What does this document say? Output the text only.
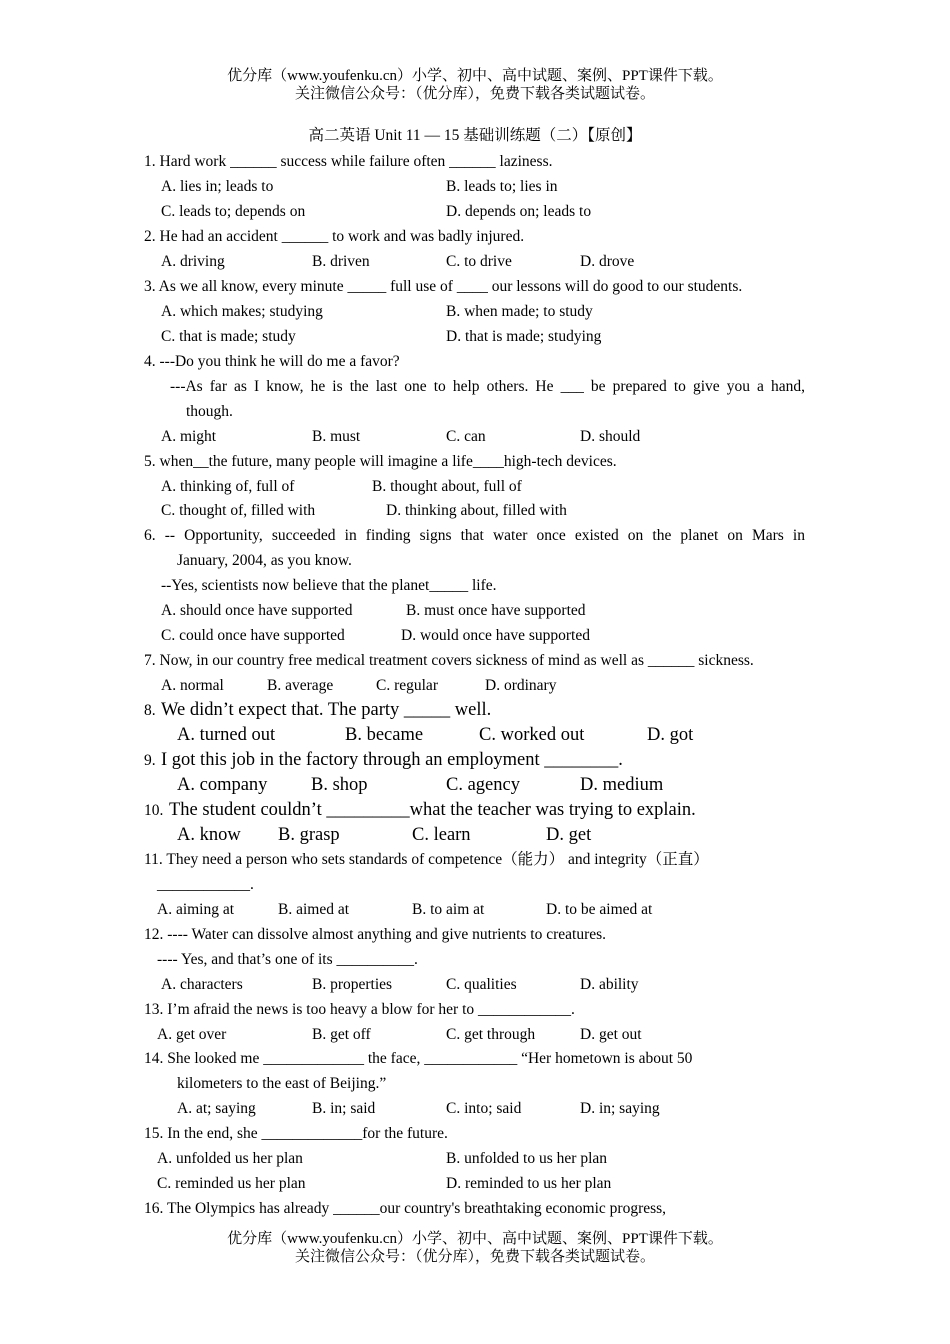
优分库（www.youfenku.cn）小学、初中、高中试题、案例、PPT课件下载。
关注微信公众号：（优分库），免费下载各类试题试卷。
高二英语 Unit 11 — 15 基础训练题（二）【原创】
1. Hard work ______ success while failure often ______ laziness.
A. lies in; leads to	B. leads to; lies in
C. leads to; depends on	D. depends on; leads to
2. He had an accident ______ to work and was badly injured.
A. driving	B. driven	C. to drive	D. drove
3. As we all know, every minute _____ full use of ____ our lessons will do good to our students.
A. which makes; studying	B. when made; to study
C. that is made; study	D. that is made; studying
4. ---Do you think he will do me a favor?
---As far as I know, he is the last one to help others. He ___ be prepared to give you a hand,
though.
A. might	B. must	C. can	D. should
5. when__the future, many people will imagine a life____high-tech devices.
A. thinking of, full of	B. thought about, full of
C. thought of, filled with	D. thinking about, filled with
6. -- Opportunity, succeeded in finding signs that water once existed on the planet on Mars in
January, 2004, as you know.
--Yes, scientists now believe that the planet_____ life.
A. should once have supported	B. must once have supported
C. could once have supported	D. would once have supported
7. Now, in our country free medical treatment covers sickness of mind as well as ______ sickness.
A. normal	B. average	C. regular	D. ordinary
8. We didn’t expect that. The party _____ well.
A. turned out	B. became	C. worked out	D. got
9. I got this job in the factory through an employment ________.
A. company B. shop	C. agency	D. medium
10. The student couldn’t _________what the teacher was trying to explain.
A. know B. grasp	C. learn	D. get
11. They need a person who sets standards of competence（能力） and integrity（正直）
____________.
A. aiming at	B. aimed at	B. to aim at	D. to be aimed at
12. ---- Water can dissolve almost anything and give nutrients to creatures.
---- Yes, and that’s one of its __________.
A. characters	B. properties	C. qualities	D. ability
13. I’m afraid the news is too heavy a blow for her to ____________.
A. get over	B. get off	C. get through	D. get out
14. She looked me _____________ the face, ____________ “Her hometown is about 50
kilometers to the east of Beijing.”
A. at; saying	B. in; said	C. into; said	D. in; saying
15. In the end, she _____________for the future.
A. unfolded us her plan	B. unfolded to us her plan
C. reminded us her plan	D. reminded to us her plan
16. The Olympics has already ______our country's breathtaking economic progress,
优分库（www.youfenku.cn）小学、初中、高中试题、案例、PPT课件下载。
关注微信公众号：（优分库），免费下载各类试题试卷。
